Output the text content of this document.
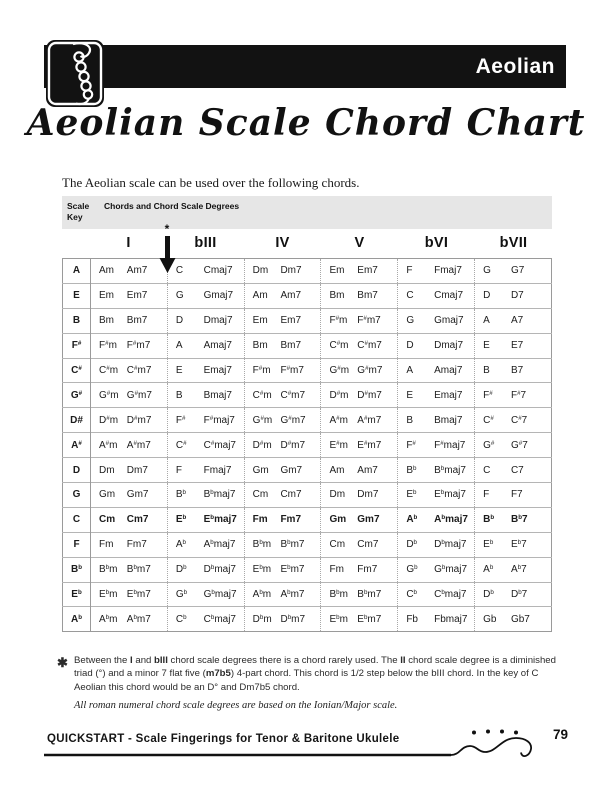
Aeolian
Aeolian Scale Chord Chart
The Aeolian scale can be used over the following chords.
Scale
Key
Chords and Chord Scale Degrees
I	bIII	IV	V	bVI	bVII
*
A	Am Am7	C Cmaj7	Dm Dm7	Em Em7	F Fmaj7	G G7

E	Em Em7	G Gmaj7	Am Am7	Bm Bm7	C Cmaj7	D D7

B	Bm Bm7	D Dmaj7	Em Em7	F#m F#m7	G Gmaj7	A A7

F#	F#m F#m7	A Amaj7	Bm Bm7	C#m C#m7	D Dmaj7	E E7

C#	C#m C#m7	E Emaj7	F#m F#m7	G#m G#m7	A Amaj7	B B7

G#	G#m G#m7	B Bmaj7	C#m C#m7	D#m D#m7	E Emaj7	F# F#7

D#	D#m D#m7	F# F#maj7	G#m G#m7	A#m A#m7	B Bmaj7	C# C#7

A#	A#m A#m7	C# C#maj7	D#m D#m7	E#m E#m7	F# F#maj7	G# G#7

D	Dm Dm7	F Fmaj7	Gm Gm7	Am Am7	$B^b$ $B^bmaj7$	C C7

G	Gm Gm7	$B^b$ $B^bmaj7$	Cm Cm7	Dm Dm7	$E^b$ $E^bmaj7$	F F7

C	Cm Cm7	$E^b$ $E^bmaj7$	Fm Fm7	Gm Gm7	$A^b$ $A^bmaj7$	$B^b$ $B^b7$

F	Fm Fm7	$A^b$ $A^bmaj7$	$B^bm$ $B^bm7$	Cm Cm7	$D^b$ $D^bmaj7$	$E^b$ $E^b7$

$B^b$	$B^bm$ $B^bm7$	$D^b$ $D^bmaj7$	$E^bm$ $E^bm7$	Fm Fm7	$G^b$ $G^bmaj7$	$A^b$ $A^b7$

$E^b$	$E^bm$ $E^bm7$	$G^b$ $G^bmaj7$	$A^bm$ $A^bm7$	$B^bm$ $B^bm7$	$C^b$ $C^bmaj7$	$D^b$ $D^b7$

$A^b$	$A^bm$ $A^bm7$	$C^b$ $C^bmaj7$	$D^bm$ $D^bm7$	$E^bm$ $E^bm7$	Fb Fbmaj7	Gb Gb7
✱ Between the I and bIII chord scale degrees there is a chord rarely used. The II chord scale degree is a diminished triad (°) and a minor 7 flat five (m7b5) 4-part chord. This chord is 1/2 step below the bIII chord. In the key of C Aeolian this chord would be an D° and Dm7b5 chord.
All roman numeral chord scale degrees are based on the Ionian/Major scale.
QUICKSTART - Scale Fingerings for Tenor & Baritone Ukulele	79
